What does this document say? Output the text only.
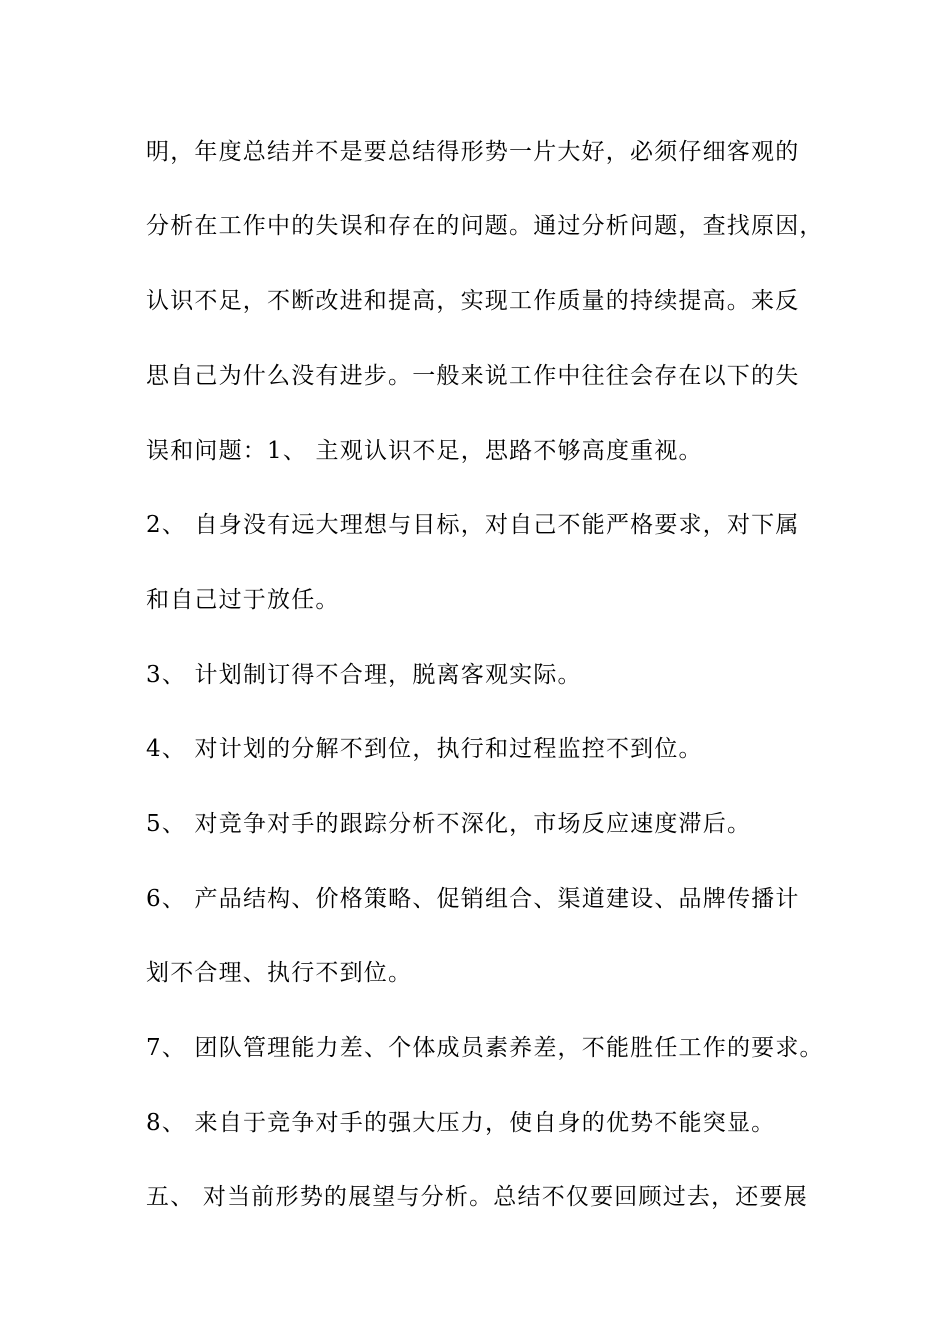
明，年度总结并不是要总结得形势一片大好，必须仔细客观的
分析在工作中的失误和存在的问题。通过分析问题，查找原因，
认识不足，不断改进和提高，实现工作质量的持续提高。来反
思自己为什么没有进步。一般来说工作中往往会存在以下的失
误和问题：1、 主观认识不足，思路不够高度重视。
2、 自身没有远大理想与目标，对自己不能严格要求，对下属
和自己过于放任。
3、 计划制订得不合理，脱离客观实际。
4、 对计划的分解不到位，执行和过程监控不到位。
5、 对竞争对手的跟踪分析不深化，市场反应速度滞后。
6、 产品结构、价格策略、促销组合、渠道建设、品牌传播计
划不合理、执行不到位。
7、 团队管理能力差、个体成员素养差，不能胜任工作的要求。
8、 来自于竞争对手的强大压力，使自身的优势不能突显。
五、 对当前形势的展望与分析。总结不仅要回顾过去，还要展
